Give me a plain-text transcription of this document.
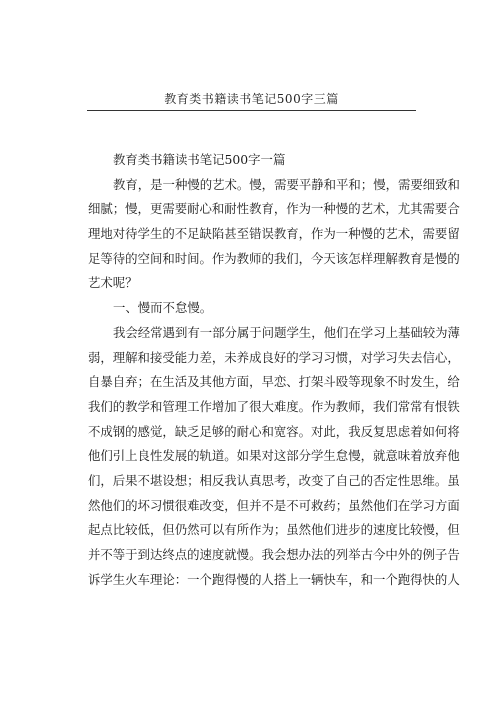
教育类书籍读书笔记500字三篇
教育类书籍读书笔记500字一篇
教育，是一种慢的艺术。慢，需要平静和平和；慢，需要细致和
细腻；慢，更需要耐心和耐性教育，作为一种慢的艺术，尤其需要合
理地对待学生的不足缺陷甚至错误教育，作为一种慢的艺术，需要留
足等待的空间和时间。作为教师的我们，今天该怎样理解教育是慢的
艺术呢？
一、慢而不怠慢。
我会经常遇到有一部分属于问题学生，他们在学习上基础较为薄
弱，理解和接受能力差，未养成良好的学习习惯，对学习失去信心，
自暴自弃；在生活及其他方面，早恋、打架斗殴等现象不时发生，给
我们的教学和管理工作增加了很大难度。作为教师，我们常常有恨铁
不成钢的感觉，缺乏足够的耐心和宽容。对此，我反复思虑着如何将
他们引上良性发展的轨道。如果对这部分学生怠慢，就意味着放弃他
们，后果不堪设想；相反我认真思考，改变了自己的否定性思维。虽
然他们的坏习惯很难改变，但并不是不可救药；虽然他们在学习方面
起点比较低，但仍然可以有所作为；虽然他们进步的速度比较慢，但
并不等于到达终点的速度就慢。我会想办法的列举古今中外的例子告
诉学生火车理论：一个跑得慢的人搭上一辆快车，和一个跑得快的人
